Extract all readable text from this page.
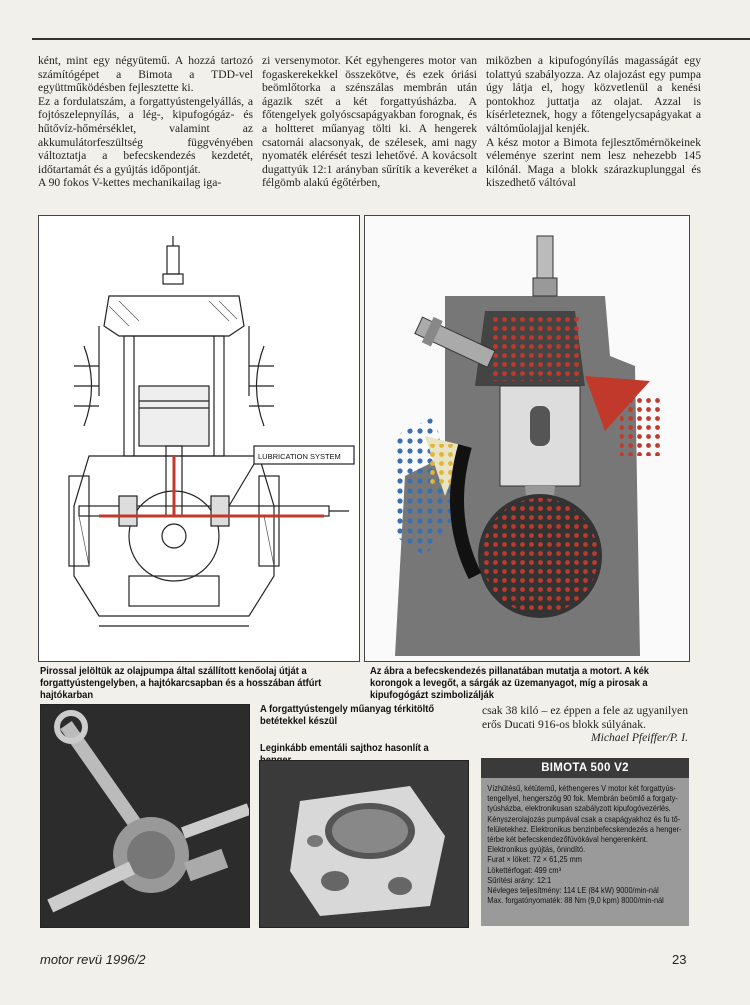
ként, mint egy négyütemű. A hozzá tartozó számítógépet a Bimota a TDD-vel együttműködésben fejlesztette ki.

Ez a fordulatszám, a forgattyústengelyállás, a fojtószelepnyílás, a lég-, kipufogógáz- és hűtővíz-hőmérséklet, valamint az akkumulátorfeszültség függvényében változtatja a befecskendezés kezdetét, időtartamát és a gyújtás időpontját.

A 90 fokos V-kettes mechanikailag iga-

zi versenymotor. Két egyhengeres motor van fogaskerekekkel összekötve, és ezek óriási beömlőtorka a szénszálas membrán után ágazik szét a két forgattyúsházba. A főtengelyek golyóscsapágyakban forognak, és a holtteret műanyag tölti ki. A hengerek csatornái alacsonyak, de szélesek, ami nagy nyomaték elérését teszi lehetővé. A kovácsolt dugattyúk 12:1 arányban sűrítik a keveréket a félgömb alakú égőtérben,

miközben a kipufogónyílás magasságát egy tolattyú szabályozza. Az olajozást egy pumpa úgy látja el, hogy közvetlenül a kenési pontokhoz juttatja az olajat. Azzal is kísérleteznek, hogy a főtengelycsapágyakat a váltóműolajjal kenjék.

A kész motor a Bimota fejlesztőmérnökeinek véleménye szerint nem lesz nehezebb 145 kilónál. Maga a blokk szárazkuplunggal és kiszedhető váltóval

LUBRICATION SYSTEM
Pirossal jelöltük az olajpumpa által szállított kenőolaj útját a forgattyústengelyben, a hajtókarcsapban és a hosszában átfúrt hajtókarban
Az ábra a befecskendezés pillanatában mutatja a motort. A kék korongok a levegőt, a sárgák az üzemanyagot, míg a pirosak a kipufogógázt szimbolizálják
A forgattyústengely műanyag térkitöltő betétekkel készül
Leginkább ementáli sajthoz hasonlít a
csak 38 kiló – ez éppen a fele az ugyanilyen erős Ducati 916-os blokk súlyának.
Michael Pfeiffer/P. I.
BIMOTA 500 V2
Vízhűtésű, kétütemű, kéthengeres V motor két forgattyús-
tengellyel, hengerszög 90 fok. Membrán beömlő a forgaty-
tyúsházba, elektronikusan szabályzott kipufogóvezérlés.
Kényszerolajozás pumpával csak a csapágyakhoz és fu tő-
felületekhez. Elektronikus benzinbefecskendezés a henger-
térbe két befecskendezőfúvókával hengerenként.
Elektronikus gyújtás, önindító.
Furat × löket: 72 × 61,25 mm
Lökettérfogat: 499 cm³
Sűrítési arány: 12:1
Névleges teljesítmény: 114 LE (84 kW) 9000/min-nál
Max. forgatónyomaték: 88 Nm (9,0 kpm) 8000/min-nál
motor revü 1996/2	23
